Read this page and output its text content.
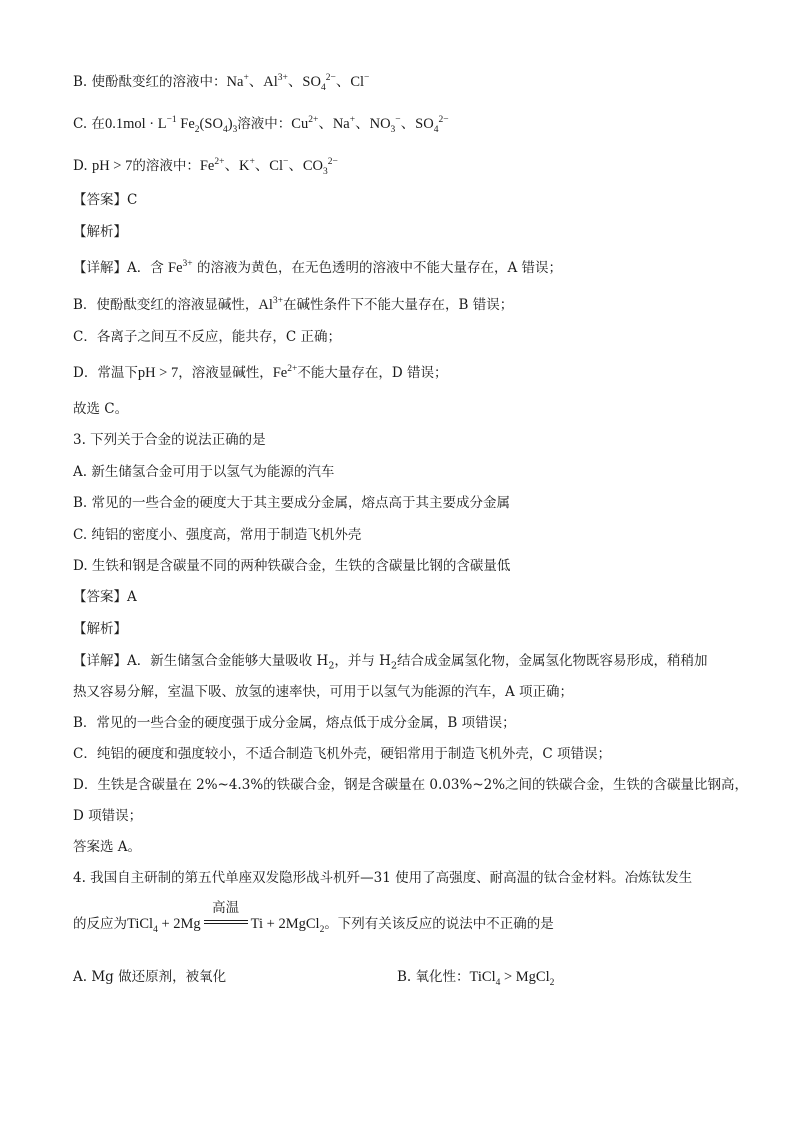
B. 使酚酞变红的溶液中：Na+、$Al^{3+}$、$SO_4^{2-}$、Cl−
C. 在$0.1mol \cdot L^{-1}$ $Fe_2(SO_4)_3$溶液中：$Cu^{2+}$、Na+、$NO_3^-$、$SO_4^{2-}$
D. pH > 7的溶液中：$Fe^{2+}$、K+、Cl−、$CO_3^{2-}$
【答案】C
【解析】
【详解】A．含 $Fe^{3+}$ 的溶液为黄色，在无色透明的溶液中不能大量存在，A 错误；
B．使酚酞变红的溶液显碱性，$Al^{3+}$在碱性条件下不能大量存在，B 错误；
C．各离子之间互不反应，能共存，C 正确；
D．常温下pH > 7，溶液显碱性，$Fe^{2+}$不能大量存在，D 错误；
故选 C。
3. 下列关于合金的说法正确的是
A. 新生储氢合金可用于以氢气为能源的汽车
B. 常见的一些合金的硬度大于其主要成分金属，熔点高于其主要成分金属
C. 纯铝的密度小、强度高，常用于制造飞机外壳
D. 生铁和钢是含碳量不同的两种铁碳合金，生铁的含碳量比钢的含碳量低
【答案】A
【解析】
【详解】A．新生储氢合金能够大量吸收 $H_2$，并与 $H_2$结合成金属氢化物，金属氢化物既容易形成，稍稍加
热又容易分解，室温下吸、放氢的速率快，可用于以氢气为能源的汽车，A 项正确；
B．常见的一些合金的硬度强于成分金属，熔点低于成分金属，B 项错误；
C．纯铝的硬度和强度较小，不适合制造飞机外壳，硬铝常用于制造飞机外壳，C 项错误；
D．生铁是含碳量在 2%~4.3%的铁碳合金，钢是含碳量在 0.03%~2%之间的铁碳合金，生铁的含碳量比钢高，
D 项错误；
答案选 A。
4. 我国自主研制的第五代单座双发隐形战斗机歼—31 使用了高强度、耐高温的钛合金材料。冶炼钛发生
的反应为TiCl$_4$ + 2Mg
高温
Ti + 2MgCl$_2$。下列有关该反应的说法中不正确的是
A. Mg 做还原剂，被氧化	B. 氧化性：TiCl$_4$ > MgCl$_2$
